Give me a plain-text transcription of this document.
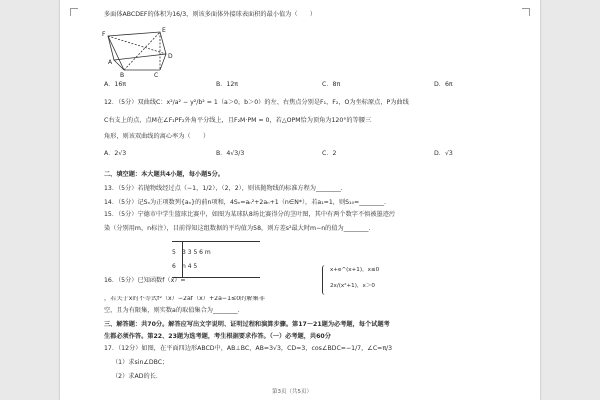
多面体ABCDEF的体积为16/3，则该多面体外接球表面积的最小值为（　　）
F
E
A
B	C
D
A．16π	B．12π	C．8π	D．6π
12．（5分）双曲线C：x²/a² − y²/b² = 1（a＞0，b＞0）的左、右焦点分别是F₁，F₂，O为坐标原点，P为曲线
C右支上的点，点M在∠F₁PF₂外角平分线上，且F₂M·PM = 0，若△OPM恰为顶角为120°的等腰三
角形，则该双曲线的离心率为（　　）
A．2√3	B．4√3/3	C．2	D．√3
二、填空题：本大题共4小题，每小题5分。
13．（5分）若抛物线经过点（−1，1/2），（2，2），则该抛物线的标准方程为________.
14．（5分）记Sₙ为正项数列{aₙ}的前n项和，4Sₙ=aₙ²+2aₙ+1（n∈N*），若a₁=1，则S₁₀=________.
15．（5分）宁德市中学生篮球比赛中，如图为某球队8场比赛得分的茎叶图，其中有两个数字不慎被墨迹污
染（分别用m，n标注），目前得知这组数据的平均值为58，则方差s²最大时m−n的值为________.
5 3 3 5 6 m
6 n 4 5
16．（5分）已知函数f（x）=
x+e^(x+1)，x≤0
2x/(x²+1)，x＞0
，若关于x的不等式f²（x）−2af（x）+2a−1≤0的解集非
空，且为有限集，则实数a的取值集合为________.
三、解答题：共70分。解答应写出文字说明、证明过程和演算步骤。第17～21题为必考题，每个试题考
生都必须作答。第22、23题为选考题，考生根据要求作答。（一）必考题，共60分
17．（12分）如图，在平面四边形ABCD中，AB⊥BC，AB=3√3，CD=3，cos∠BDC=−1/7，∠C=π/3
（1）求sin∠DBC；
（2）求AD的长.
第3页（共5页）
